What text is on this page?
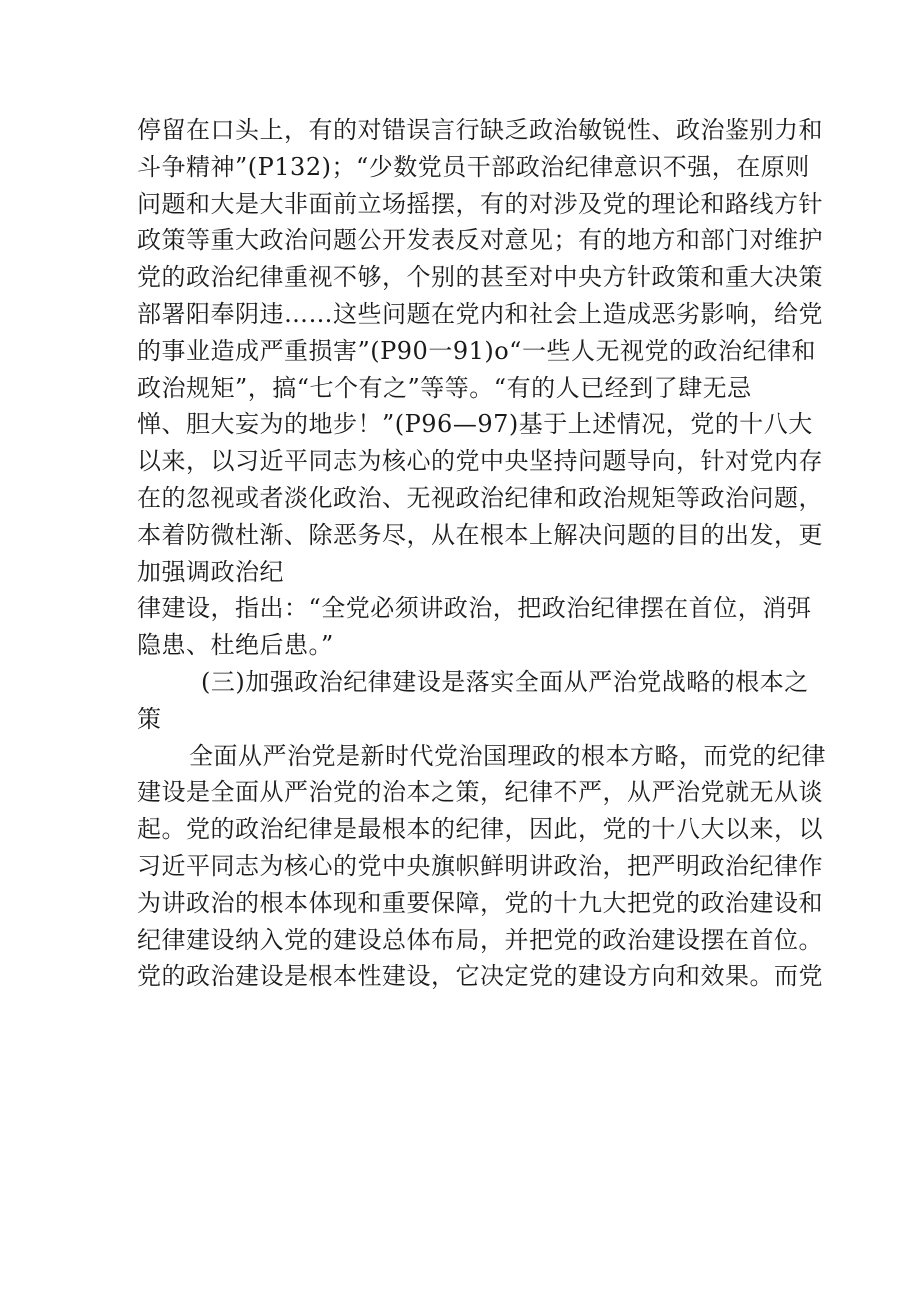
停留在口头上，有的对错误言行缺乏政治敏锐性、政治鉴别力和
斗争精神”(P132)；“少数党员干部政治纪律意识不强，在原则
问题和大是大非面前立场摇摆，有的对涉及党的理论和路线方针
政策等重大政治问题公开发表反对意见；有的地方和部门对维护
党的政治纪律重视不够，个别的甚至对中央方针政策和重大决策
部署阳奉阴违……这些问题在党内和社会上造成恶劣影响，给党
的事业造成严重损害”(P90一91)o“一些人无视党的政治纪律和
政治规矩”，搞“七个有之”等等。“有的人已经到了肆无忌
惮、胆大妄为的地步！”(P96—97)基于上述情况，党的十八大
以来，以习近平同志为核心的党中央坚持问题导向，针对党内存
在的忽视或者淡化政治、无视政治纪律和政治规矩等政治问题，
本着防微杜渐、除恶务尽，从在根本上解决问题的目的出发，更
加强调政治纪
律建设，指出：“全党必须讲政治，把政治纪律摆在首位，消弭
隐患、杜绝后患。”
(三)加强政治纪律建设是落实全面从严治党战略的根本之
策
全面从严治党是新时代党治国理政的根本方略，而党的纪律
建设是全面从严治党的治本之策，纪律不严，从严治党就无从谈
起。党的政治纪律是最根本的纪律，因此，党的十八大以来，以
习近平同志为核心的党中央旗帜鲜明讲政治，把严明政治纪律作
为讲政治的根本体现和重要保障，党的十九大把党的政治建设和
纪律建设纳入党的建设总体布局，并把党的政治建设摆在首位。
党的政治建设是根本性建设，它决定党的建设方向和效果。而党
